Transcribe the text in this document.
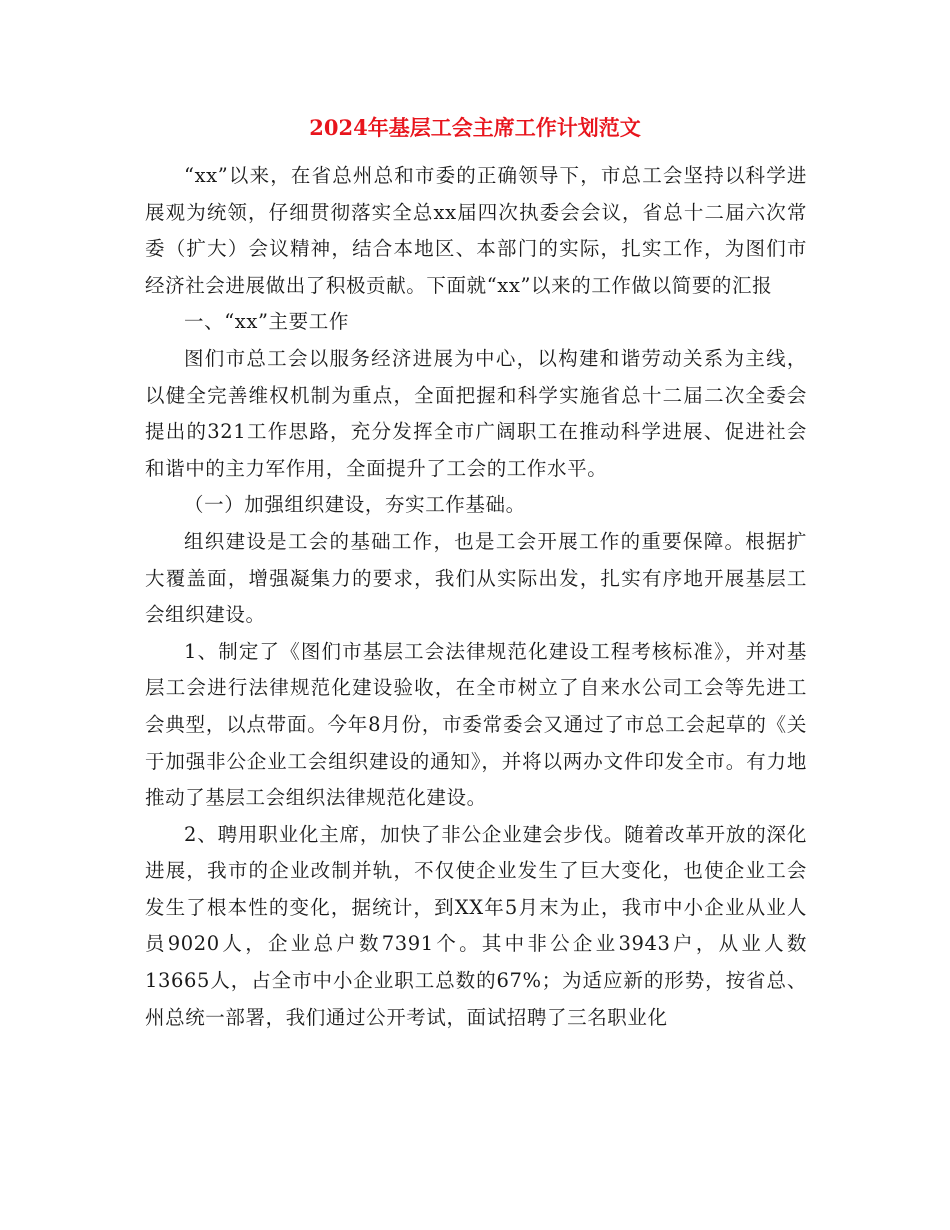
2024年基层工会主席工作计划范文

“xx”以来，在省总州总和市委的正确领导下，市总工会坚持以科学进展观为统领，仔细贯彻落实全总xx届四次执委会会议，省总十二届六次常委（扩大）会议精神，结合本地区、本部门的实际，扎实工作，为图们市经济社会进展做出了积极贡献。下面就“xx”以来的工作做以简要的汇报

一、“xx”主要工作

图们市总工会以服务经济进展为中心，以构建和谐劳动关系为主线，以健全完善维权机制为重点，全面把握和科学实施省总十二届二次全委会提出的321工作思路，充分发挥全市广阔职工在推动科学进展、促进社会和谐中的主力军作用，全面提升了工会的工作水平。

（一）加强组织建设，夯实工作基础。

组织建设是工会的基础工作，也是工会开展工作的重要保障。根据扩大覆盖面，增强凝集力的要求，我们从实际出发，扎实有序地开展基层工会组织建设。

1、制定了《图们市基层工会法律规范化建设工程考核标准》，并对基层工会进行法律规范化建设验收，在全市树立了自来水公司工会等先进工会典型，以点带面。今年8月份，市委常委会又通过了市总工会起草的《关于加强非公企业工会组织建设的通知》，并将以两办文件印发全市。有力地推动了基层工会组织法律规范化建设。

2、聘用职业化主席，加快了非公企业建会步伐。随着改革开放的深化进展，我市的企业改制并轨，不仅使企业发生了巨大变化，也使企业工会发生了根本性的变化，据统计，到XX年5月末为止，我市中小企业从业人员9020人，企业总户数7391个。其中非公企业3943户，从业人数13665人，占全市中小企业职工总数的67%；为适应新的形势，按省总、州总统一部署，我们通过公开考试，面试招聘了三名职业化
